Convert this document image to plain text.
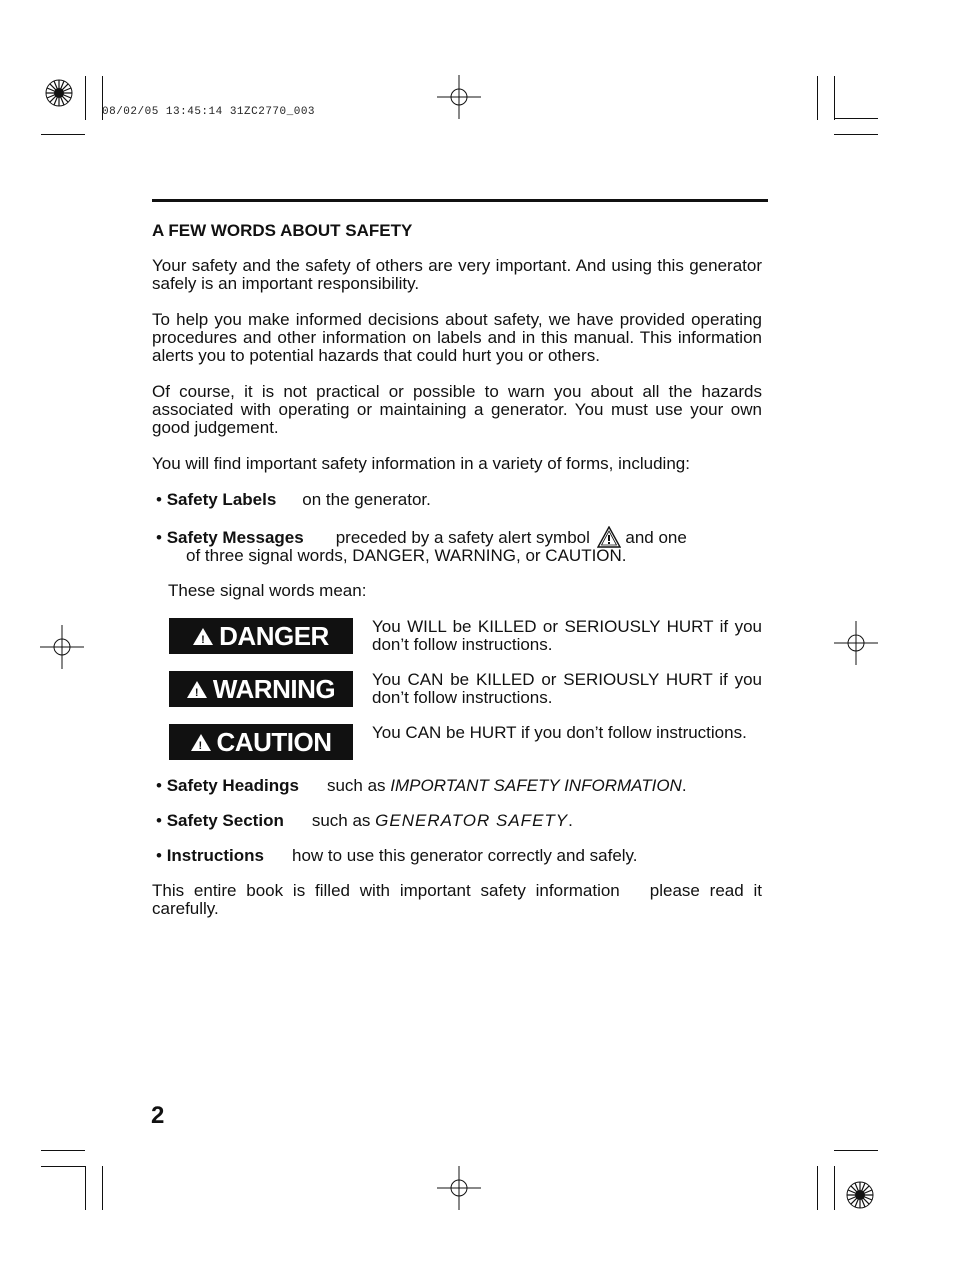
08/02/05 13:45:14 31ZC2770_003
A FEW WORDS ABOUT SAFETY
Your safety and the safety of others are very important. And using this generator safely is an important responsibility.
To help you make informed decisions about safety, we have provided operating procedures and other information on labels and in this manual. This information alerts you to potential hazards that could hurt you or others.
Of course, it is not practical or possible to warn you about all the hazards associated with operating or maintaining a generator. You must use your own good judgement.
You will find important safety information in a variety of forms, including:
• Safety Labels on the generator.
• Safety Messages preceded by a safety alert symbol and one
of three signal words, DANGER, WARNING, or CAUTION.
These signal words mean:
!
DANGER	You WILL be KILLED or SERIOUSLY HURT if you don’t follow instructions.
!
WARNING You CAN be KILLED or SERIOUSLY HURT if you don’t follow instructions.
!
CAUTION You CAN be HURT if you don’t follow instructions.
• Safety Headings such as IMPORTANT SAFETY INFORMATION.
• Safety Section such as GENERATOR SAFETY.
• Instructions how to use this generator correctly and safely.
This entire book is filled with important safety information please read it carefully.
2
